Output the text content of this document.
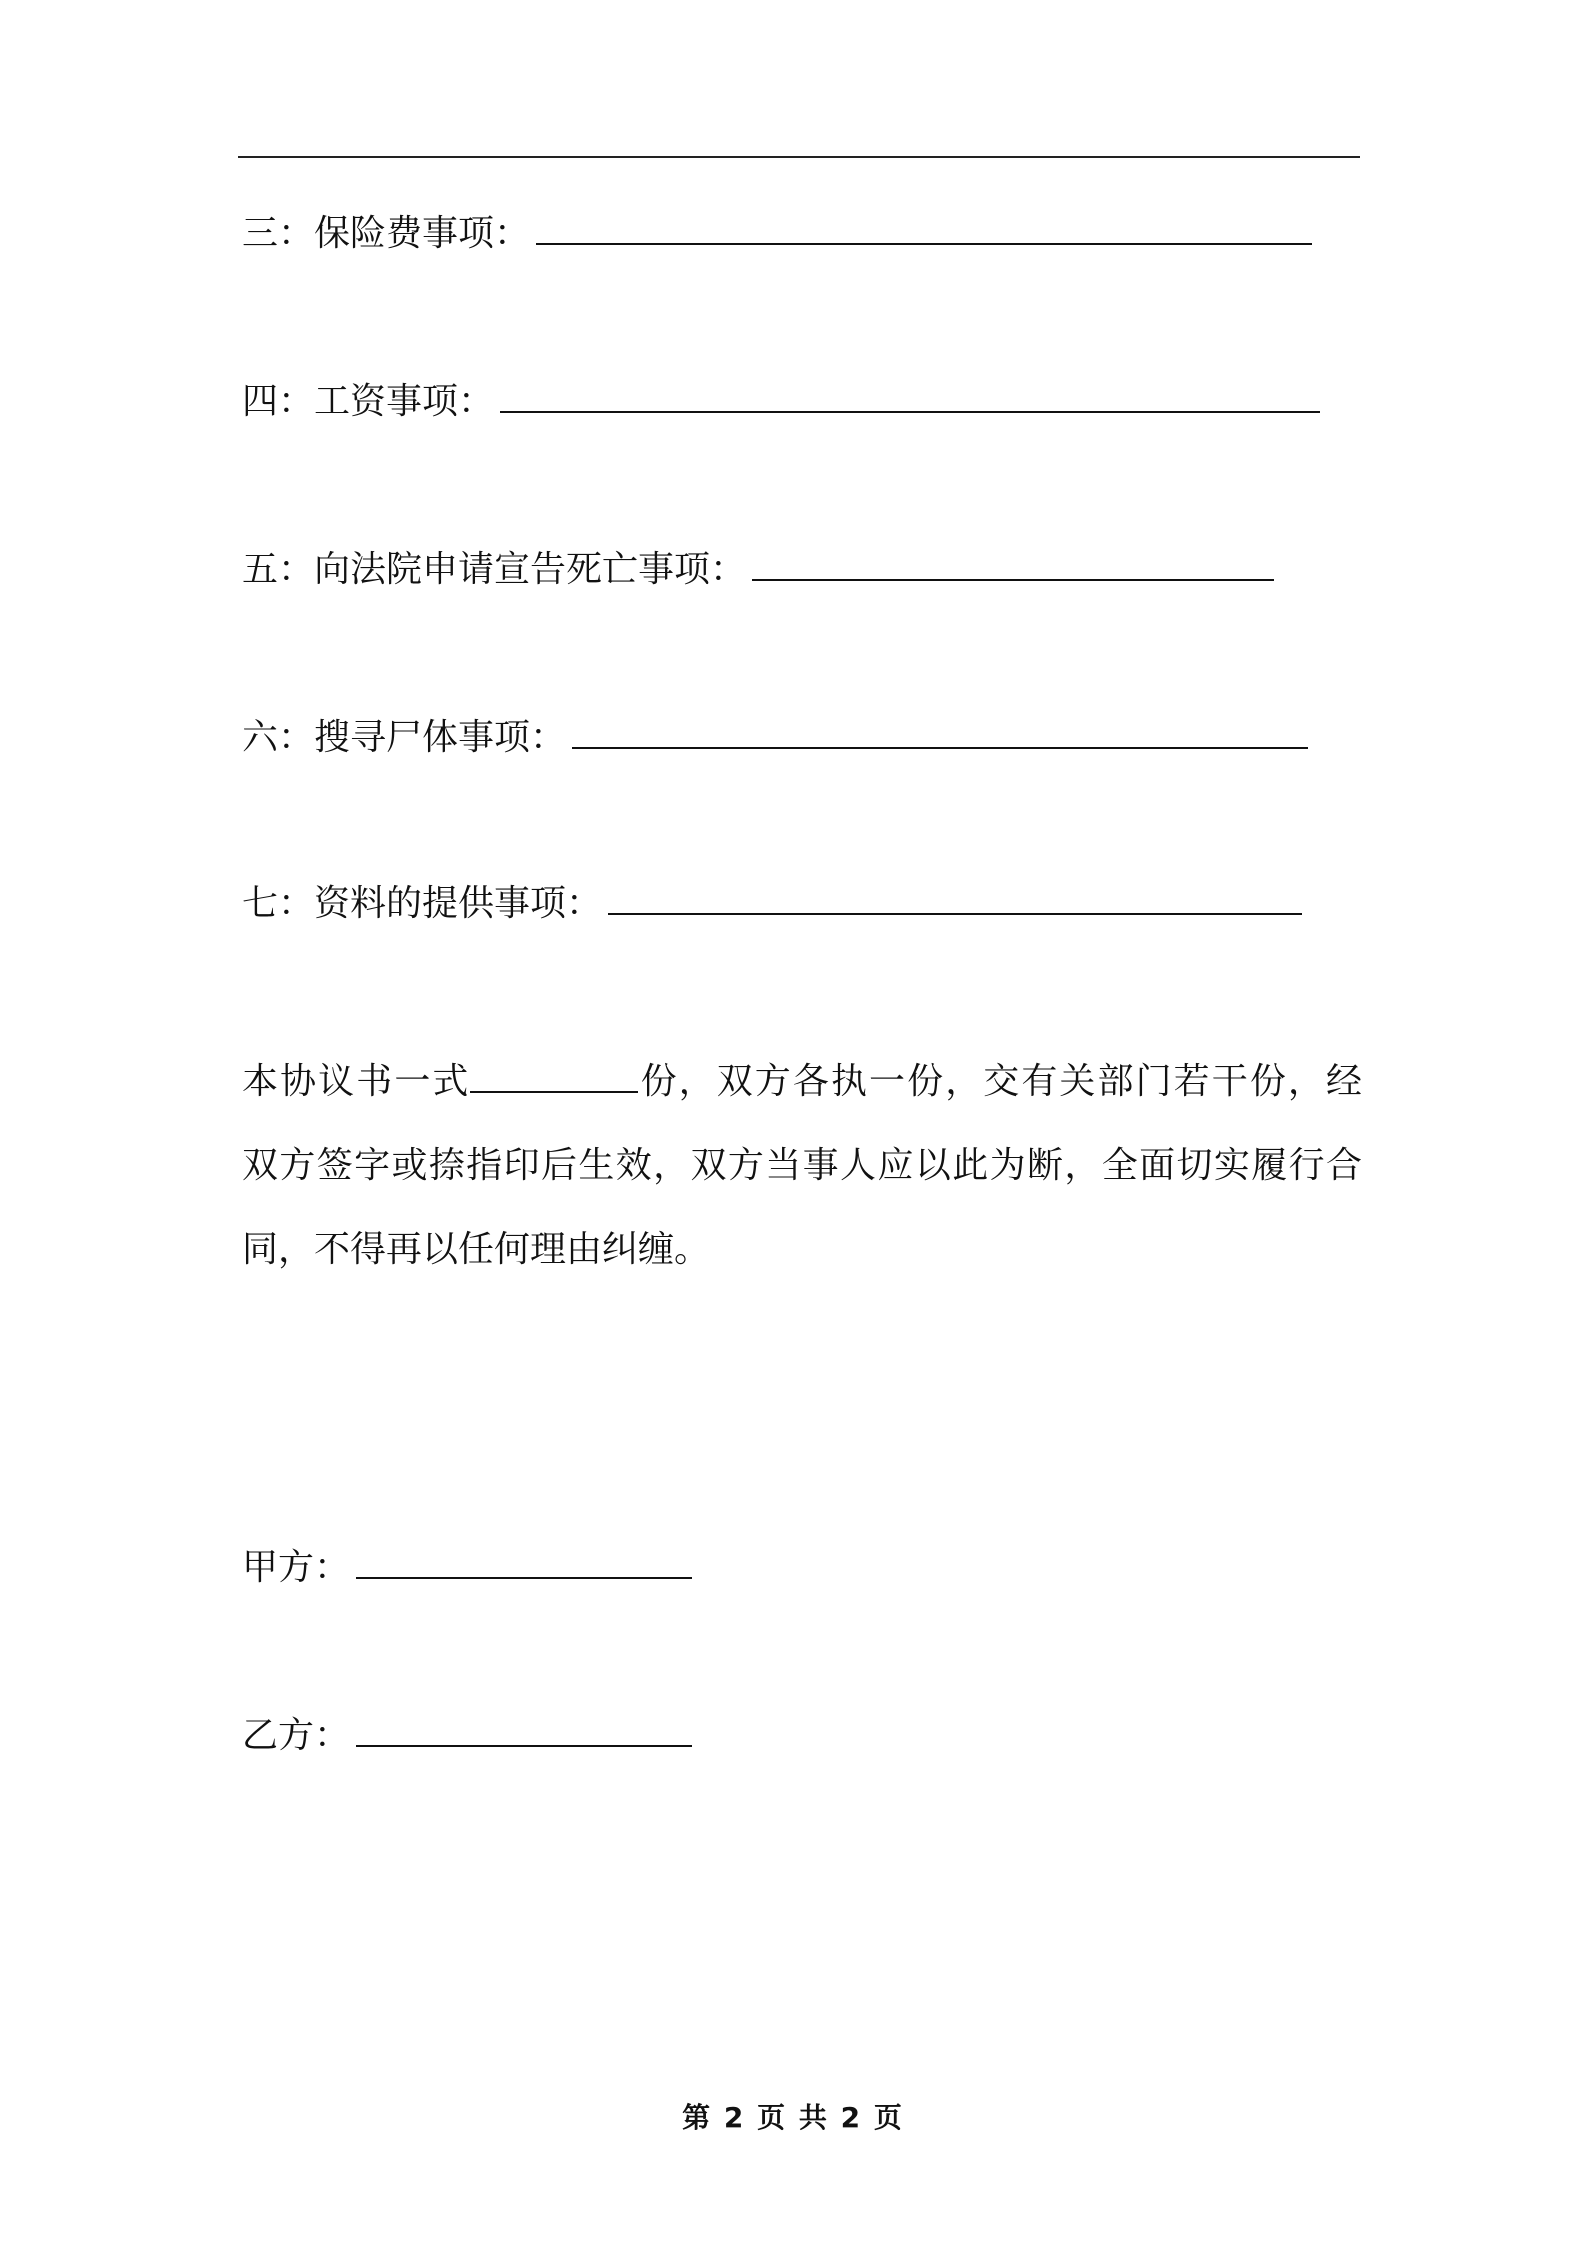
三：保险费事项：
四：工资事项：
五：向法院申请宣告死亡事项：
六：搜寻尸体事项：
七：资料的提供事项：
本协议书一式	份，双方各执一份，交有关部门若干份，经
双方签字或捺指印后生效，双方当事人应以此为断，全面切实履行合
同，不得再以任何理由纠缠。
甲方：
乙方：
第 2 页 共 2 页
